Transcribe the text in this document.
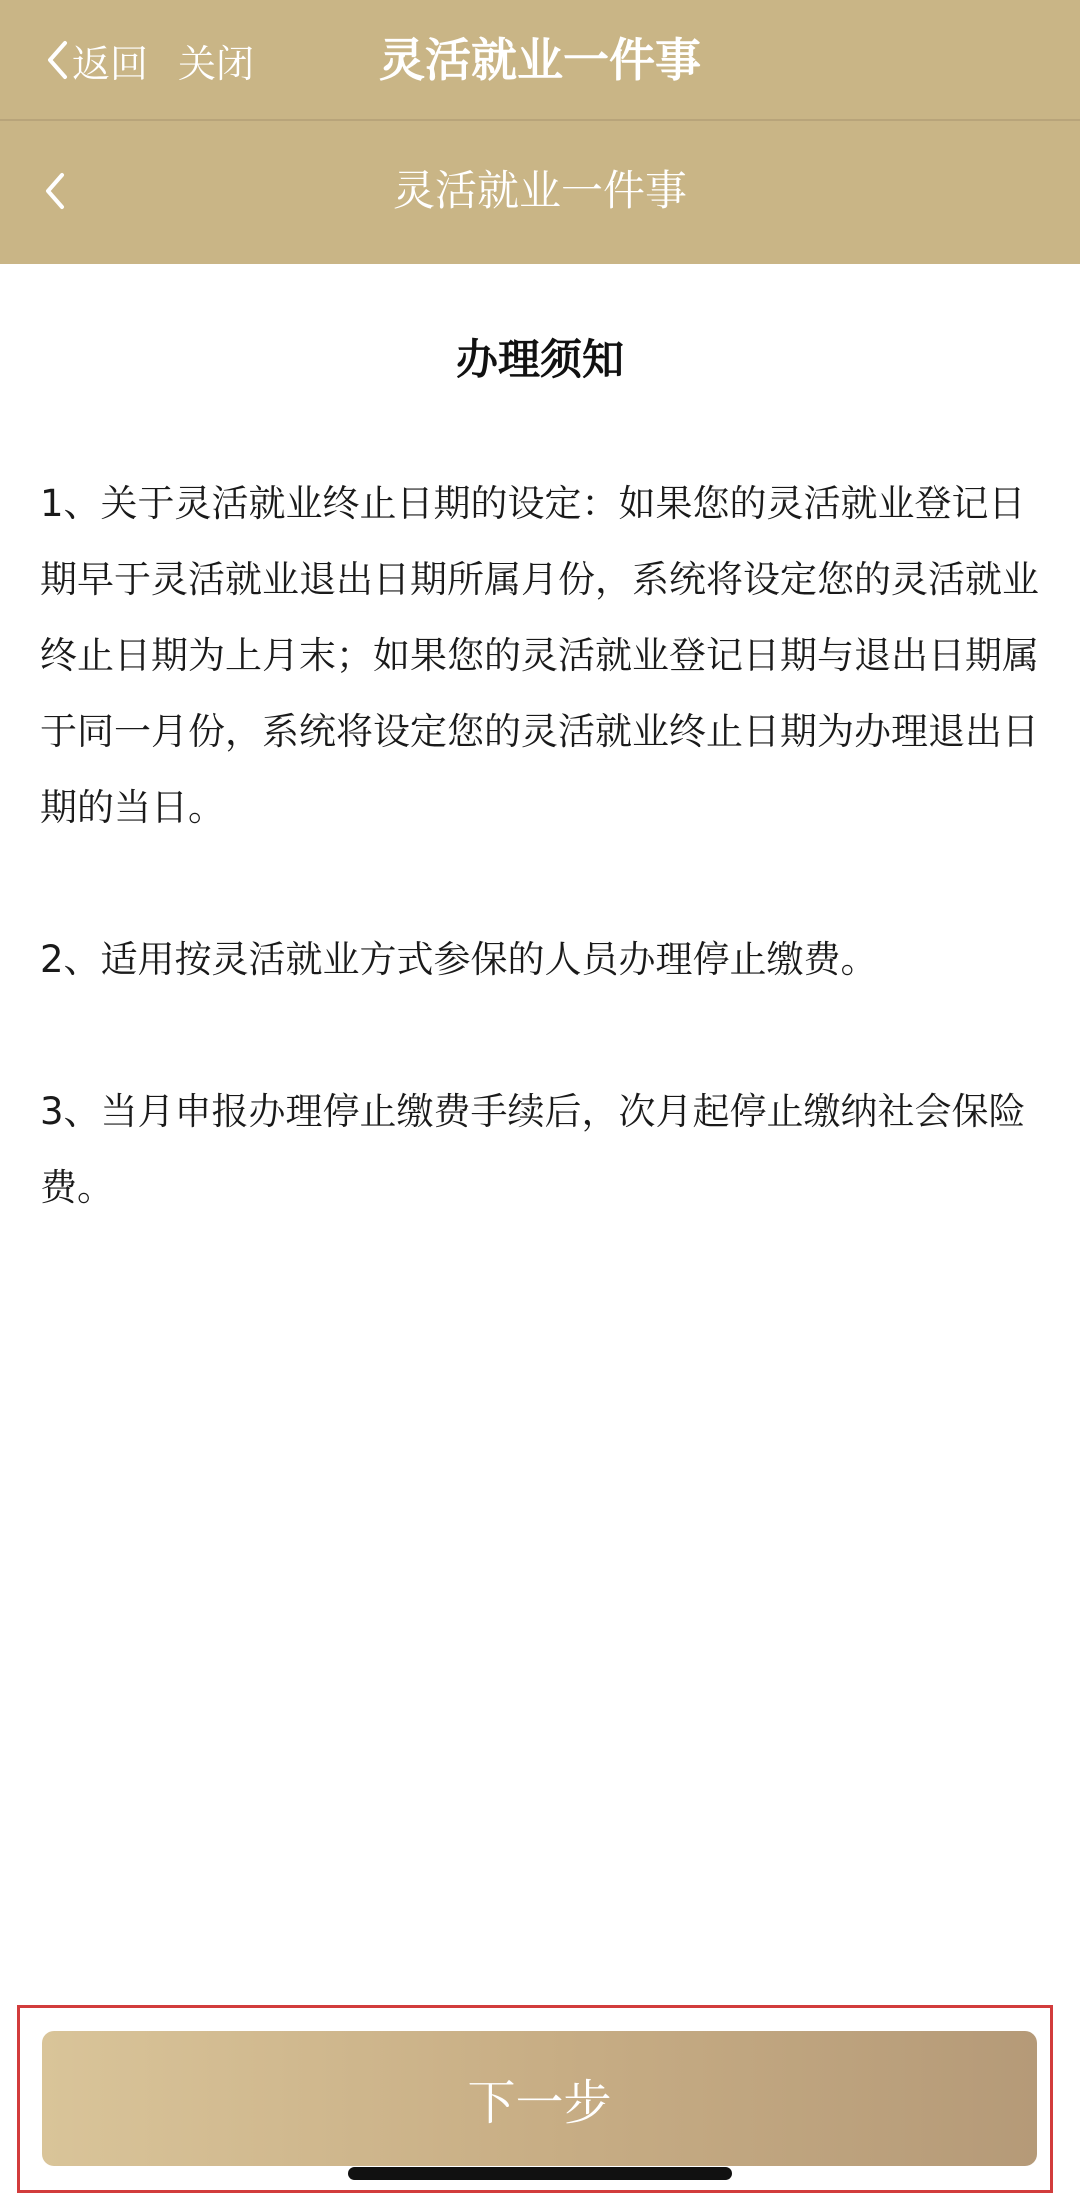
返回 关闭	灵活就业一件事
灵活就业一件事
办理须知

1、关于灵活就业终止日期的设定：如果您的灵活就业登记日期早于灵活就业退出日期所属月份，系统将设定您的灵活就业终止日期为上月末；如果您的灵活就业登记日期与退出日期属于同一月份，系统将设定您的灵活就业终止日期为办理退出日期的当日。

2、适用按灵活就业方式参保的人员办理停止缴费。

3、当月申报办理停止缴费手续后，次月起停止缴纳社会保险费。

下一步
